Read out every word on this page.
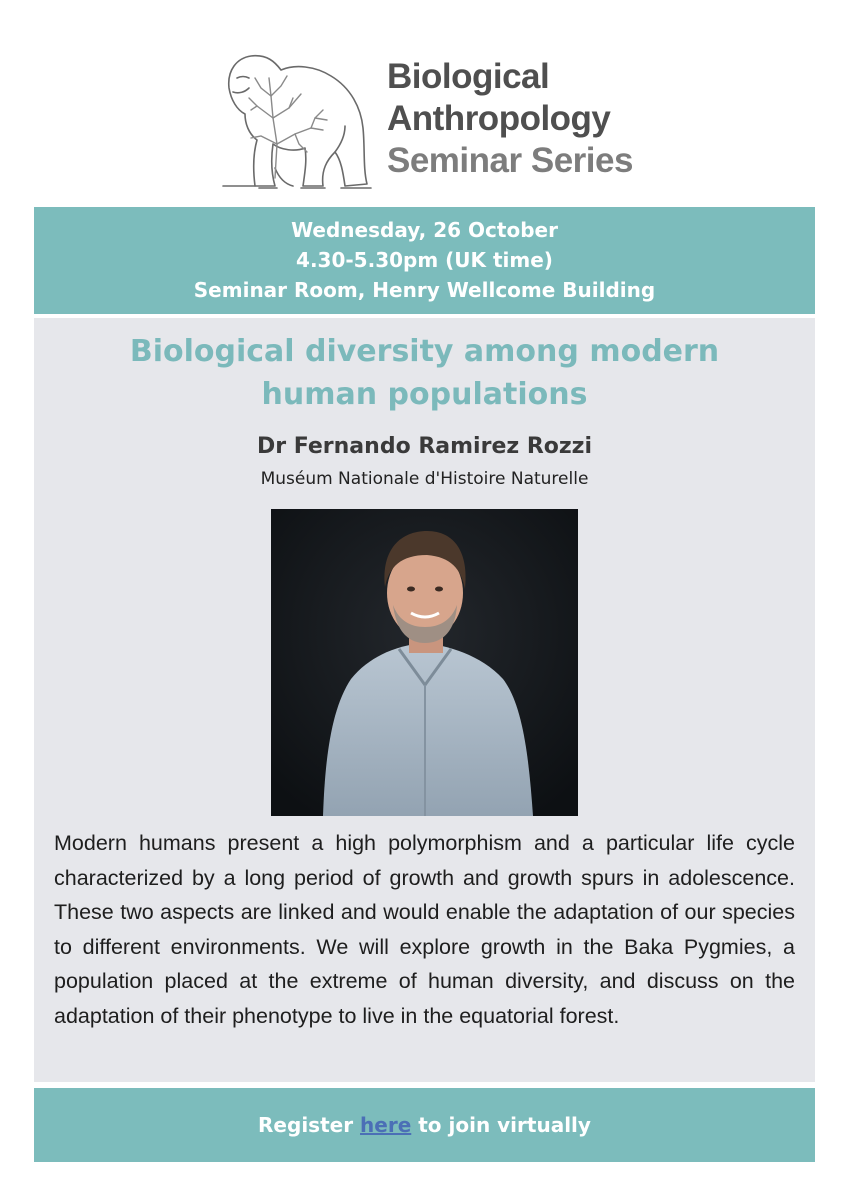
Biological
Anthropology
Seminar Series
Wednesday, 26 October
4.30-5.30pm (UK time)
Seminar Room, Henry Wellcome Building
Biological diversity among modern
human populations
Dr Fernando Ramirez Rozzi
Muséum Nationale d'Histoire Naturelle
Modern humans present a high polymorphism and a particular life cycle characterized by a long period of growth and growth spurs in adolescence. These two aspects are linked and would enable the adaptation of our species to different environments. We will explore growth in the Baka Pygmies, a population placed at the extreme of human diversity, and discuss on the adaptation of their phenotype to live in the equatorial forest.
Register here to join virtually
